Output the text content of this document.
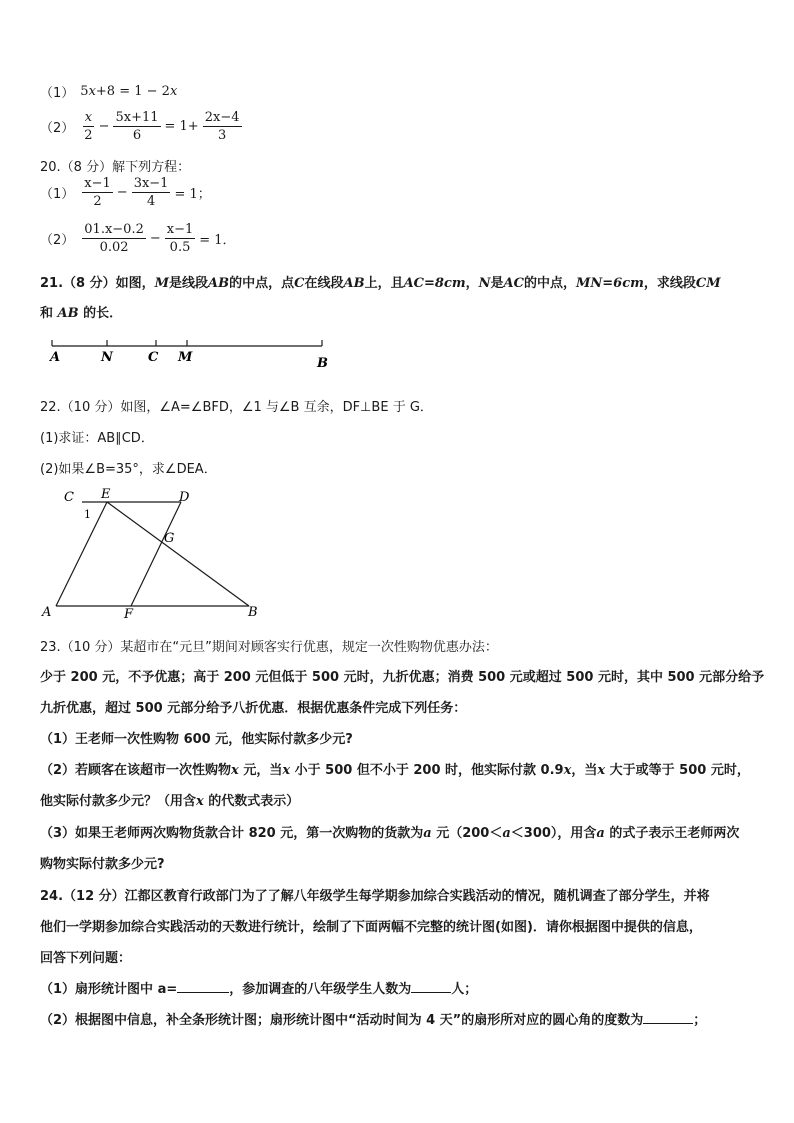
（1） 5 x +8 = 1 − 2 x
$(2) \frac{x}{2} - \frac{5x+11}{6} = 1+ \frac{2x-4}{3}$
20.（8 分）解下列方程：
$(1) \frac{x-1}{2} - \frac{3x-1}{4} = 1$；
$(2) \frac{01.x-0.2}{0.02} - \frac{x-1}{0.5} = 1$．
21.（8 分）如图，M是线段AB的中点，点C在线段AB上，且AC=8cm，N是AC的中点，MN=6cm，求线段CM
和 AB 的长．
A	N	C M	B
22.（10 分）如图，∠A=∠BFD，∠1 与∠B 互余，DF⊥BE 于 G．
(1)求证：AB∥CD．
(2)如果∠B=35°，求∠DEA．
C E	D
1
G
A	F	B
23.（10 分）某超市在“元旦”期间对顾客实行优惠，规定一次性购物优惠办法：
少于 200 元，不予优惠；高于 200 元但低于 500 元时，九折优惠；消费 500 元或超过 500 元时，其中 500 元部分给予
九折优惠，超过 500 元部分给予八折优惠．根据优惠条件完成下列任务：
（1）王老师一次性购物 600 元，他实际付款多少元?
（2）若顾客在该超市一次性购物x 元，当x 小于 500 但不小于 200 时，他实际付款 0.9x，当x 大于或等于 500 元时，
他实际付款多少元？（用含x 的代数式表示）
（3）如果王老师两次购物货款合计 820 元，第一次购物的货款为a 元（200＜a＜300），用含a 的式子表示王老师两次
购物实际付款多少元?
24.（12 分）江都区教育行政部门为了了解八年级学生每学期参加综合实践活动的情况，随机调查了部分学生，并将
他们一学期参加综合实践活动的天数进行统计，绘制了下面两幅不完整的统计图(如图)．请你根据图中提供的信息，
回答下列问题：
（1）扇形统计图中 a=	，参加调查的八年级学生人数为	人；
（2）根据图中信息，补全条形统计图；扇形统计图中“活动时间为 4 天”的扇形所对应的圆心角的度数为	；
